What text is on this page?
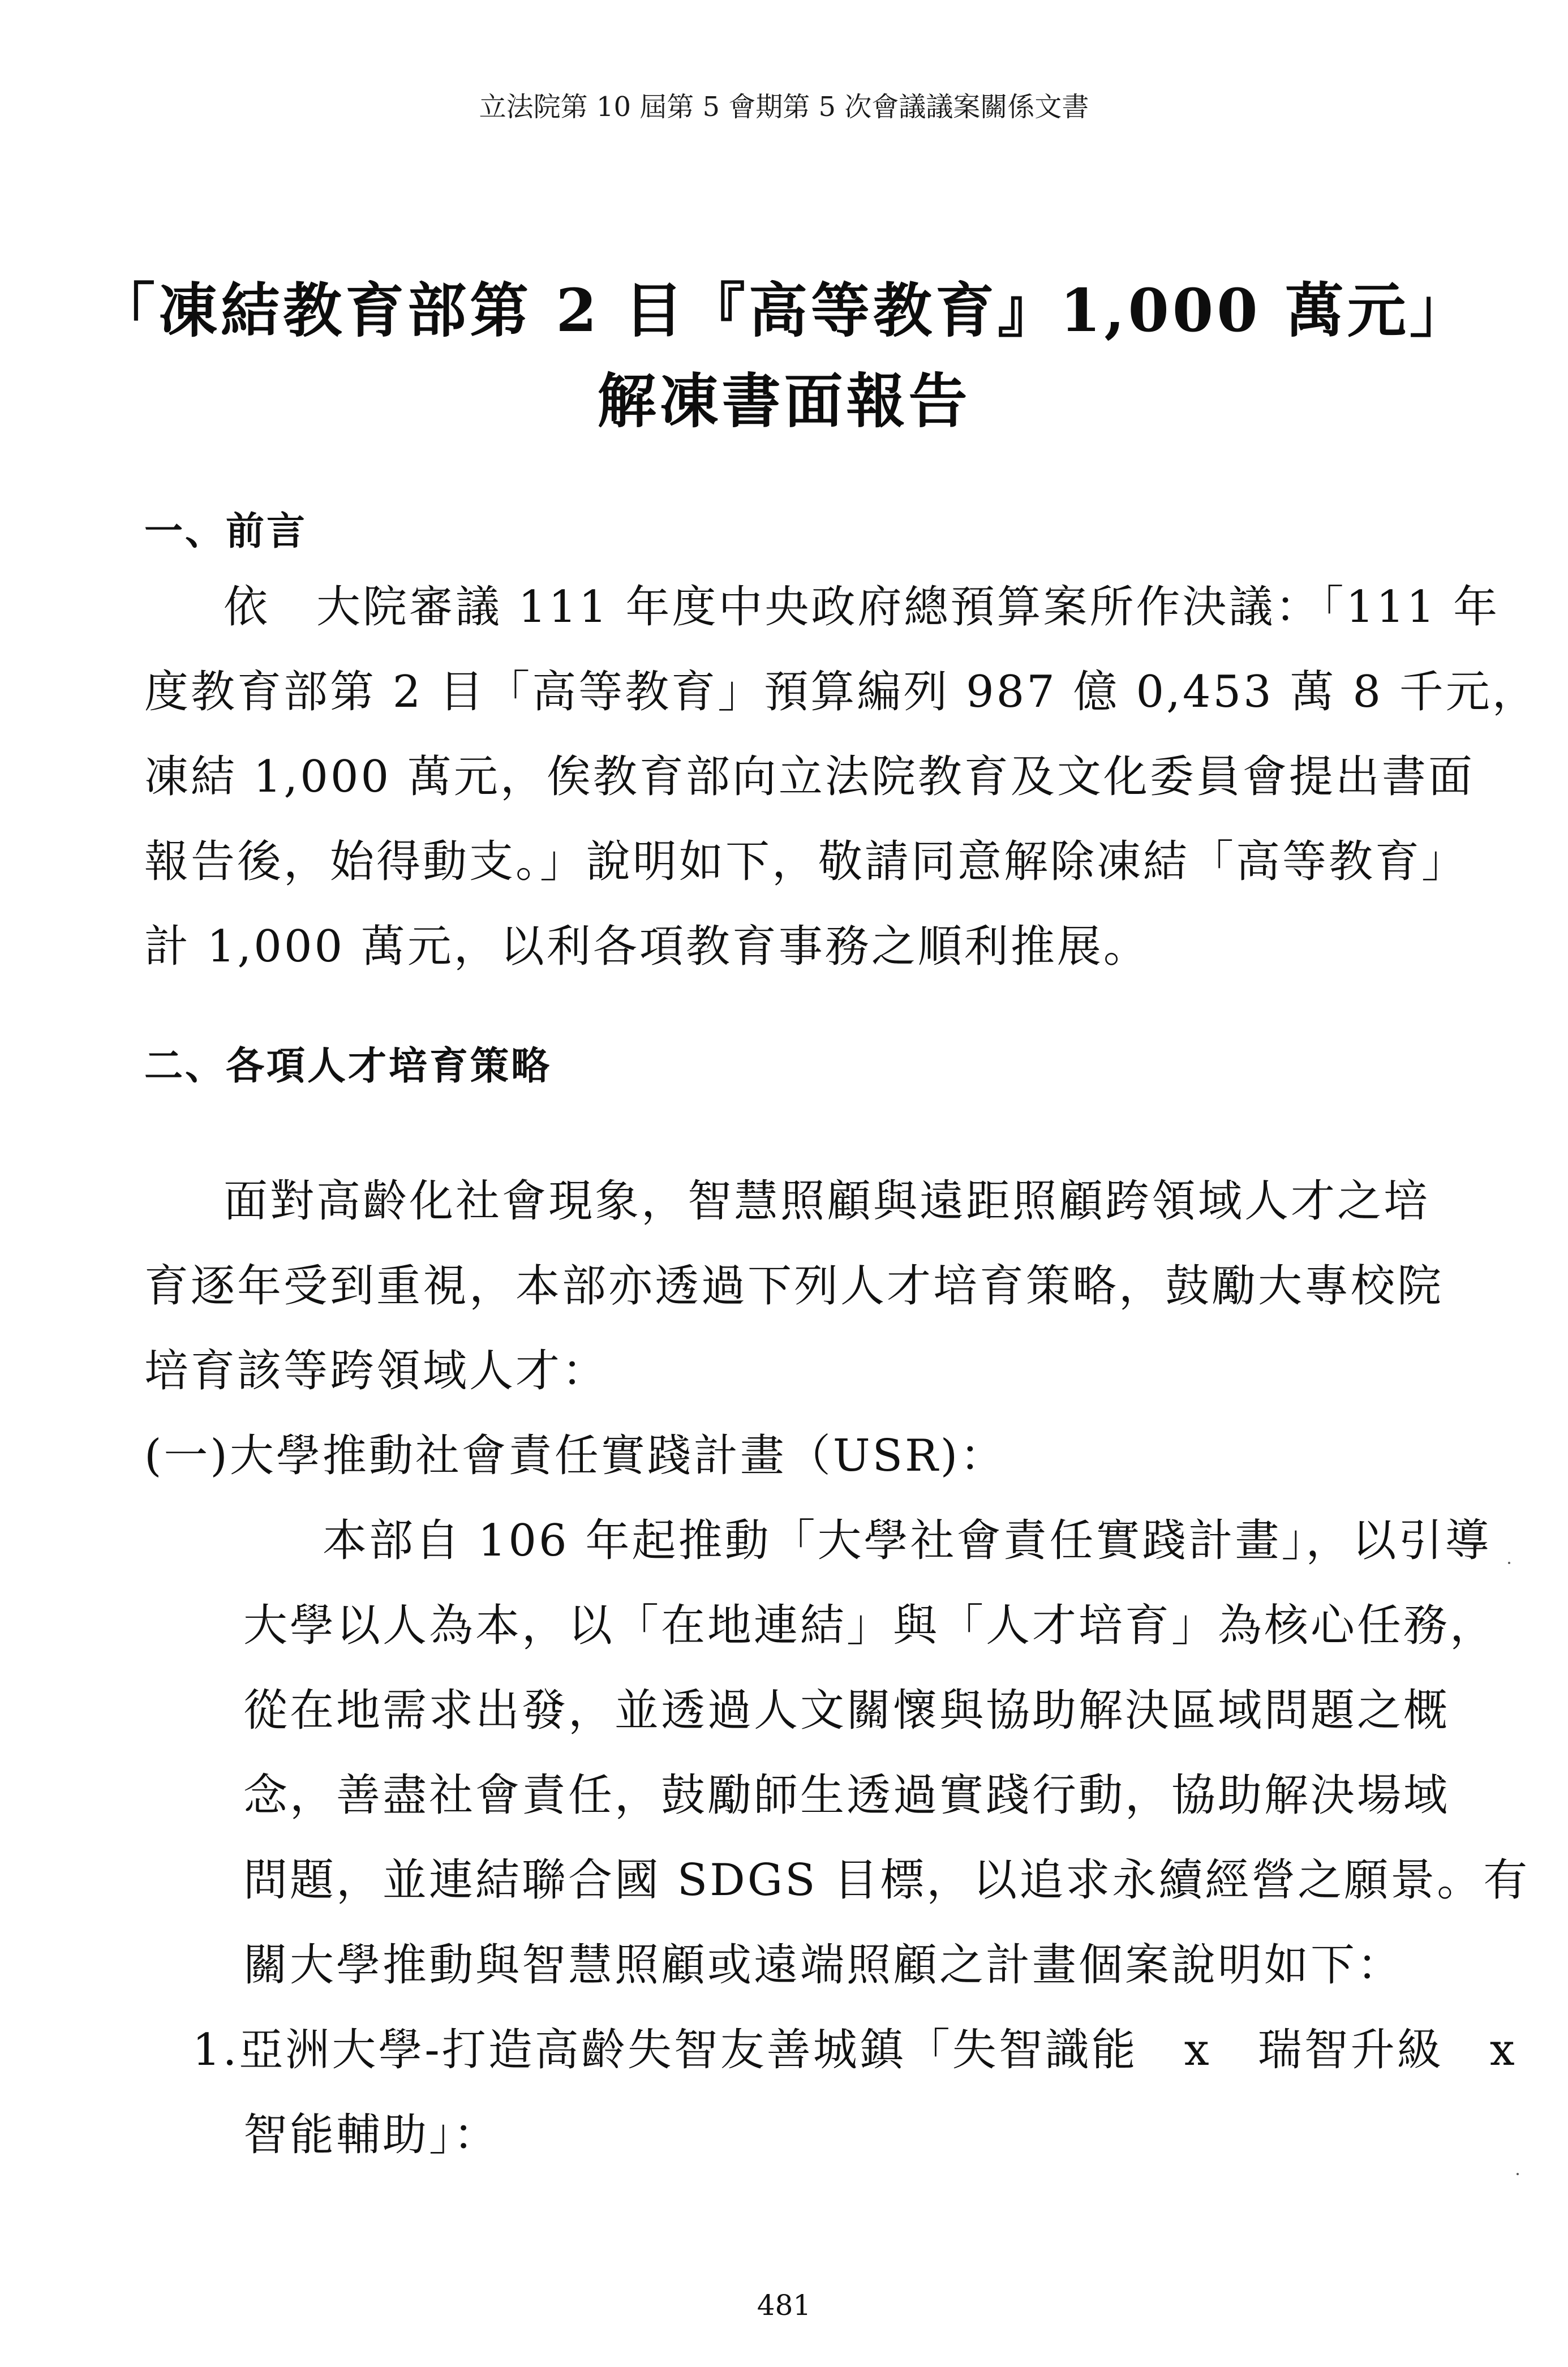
立法院第 10 屆第 5 會期第 5 次會議議案關係文書
「凍結教育部第 2 目『高等教育』1,000 萬元」
解凍書面報告
一、前言
依　大院審議 111 年度中央政府總預算案所作決議：「111 年
度教育部第 2 目「高等教育」預算編列 987 億 0,453 萬 8 千元，
凍結 1,000 萬元，俟教育部向立法院教育及文化委員會提出書面
報告後，始得動支。」說明如下，敬請同意解除凍結「高等教育」
計 1,000 萬元，以利各項教育事務之順利推展。
二、各項人才培育策略
面對高齡化社會現象，智慧照顧與遠距照顧跨領域人才之培
育逐年受到重視，本部亦透過下列人才培育策略，鼓勵大專校院
培育該等跨領域人才：
(一)大學推動社會責任實踐計畫（USR)：
本部自 106 年起推動「大學社會責任實踐計畫」，以引導
大學以人為本，以「在地連結」與「人才培育」為核心任務，
從在地需求出發，並透過人文關懷與協助解決區域問題之概
念，善盡社會責任，鼓勵師生透過實踐行動，協助解決場域
問題，並連結聯合國 SDGS 目標，以追求永續經營之願景。有
關大學推動與智慧照顧或遠端照顧之計畫個案說明如下：
1.亞洲大學-打造高齡失智友善城鎮「失智識能　x　瑞智升級　x
智能輔助」：
481
